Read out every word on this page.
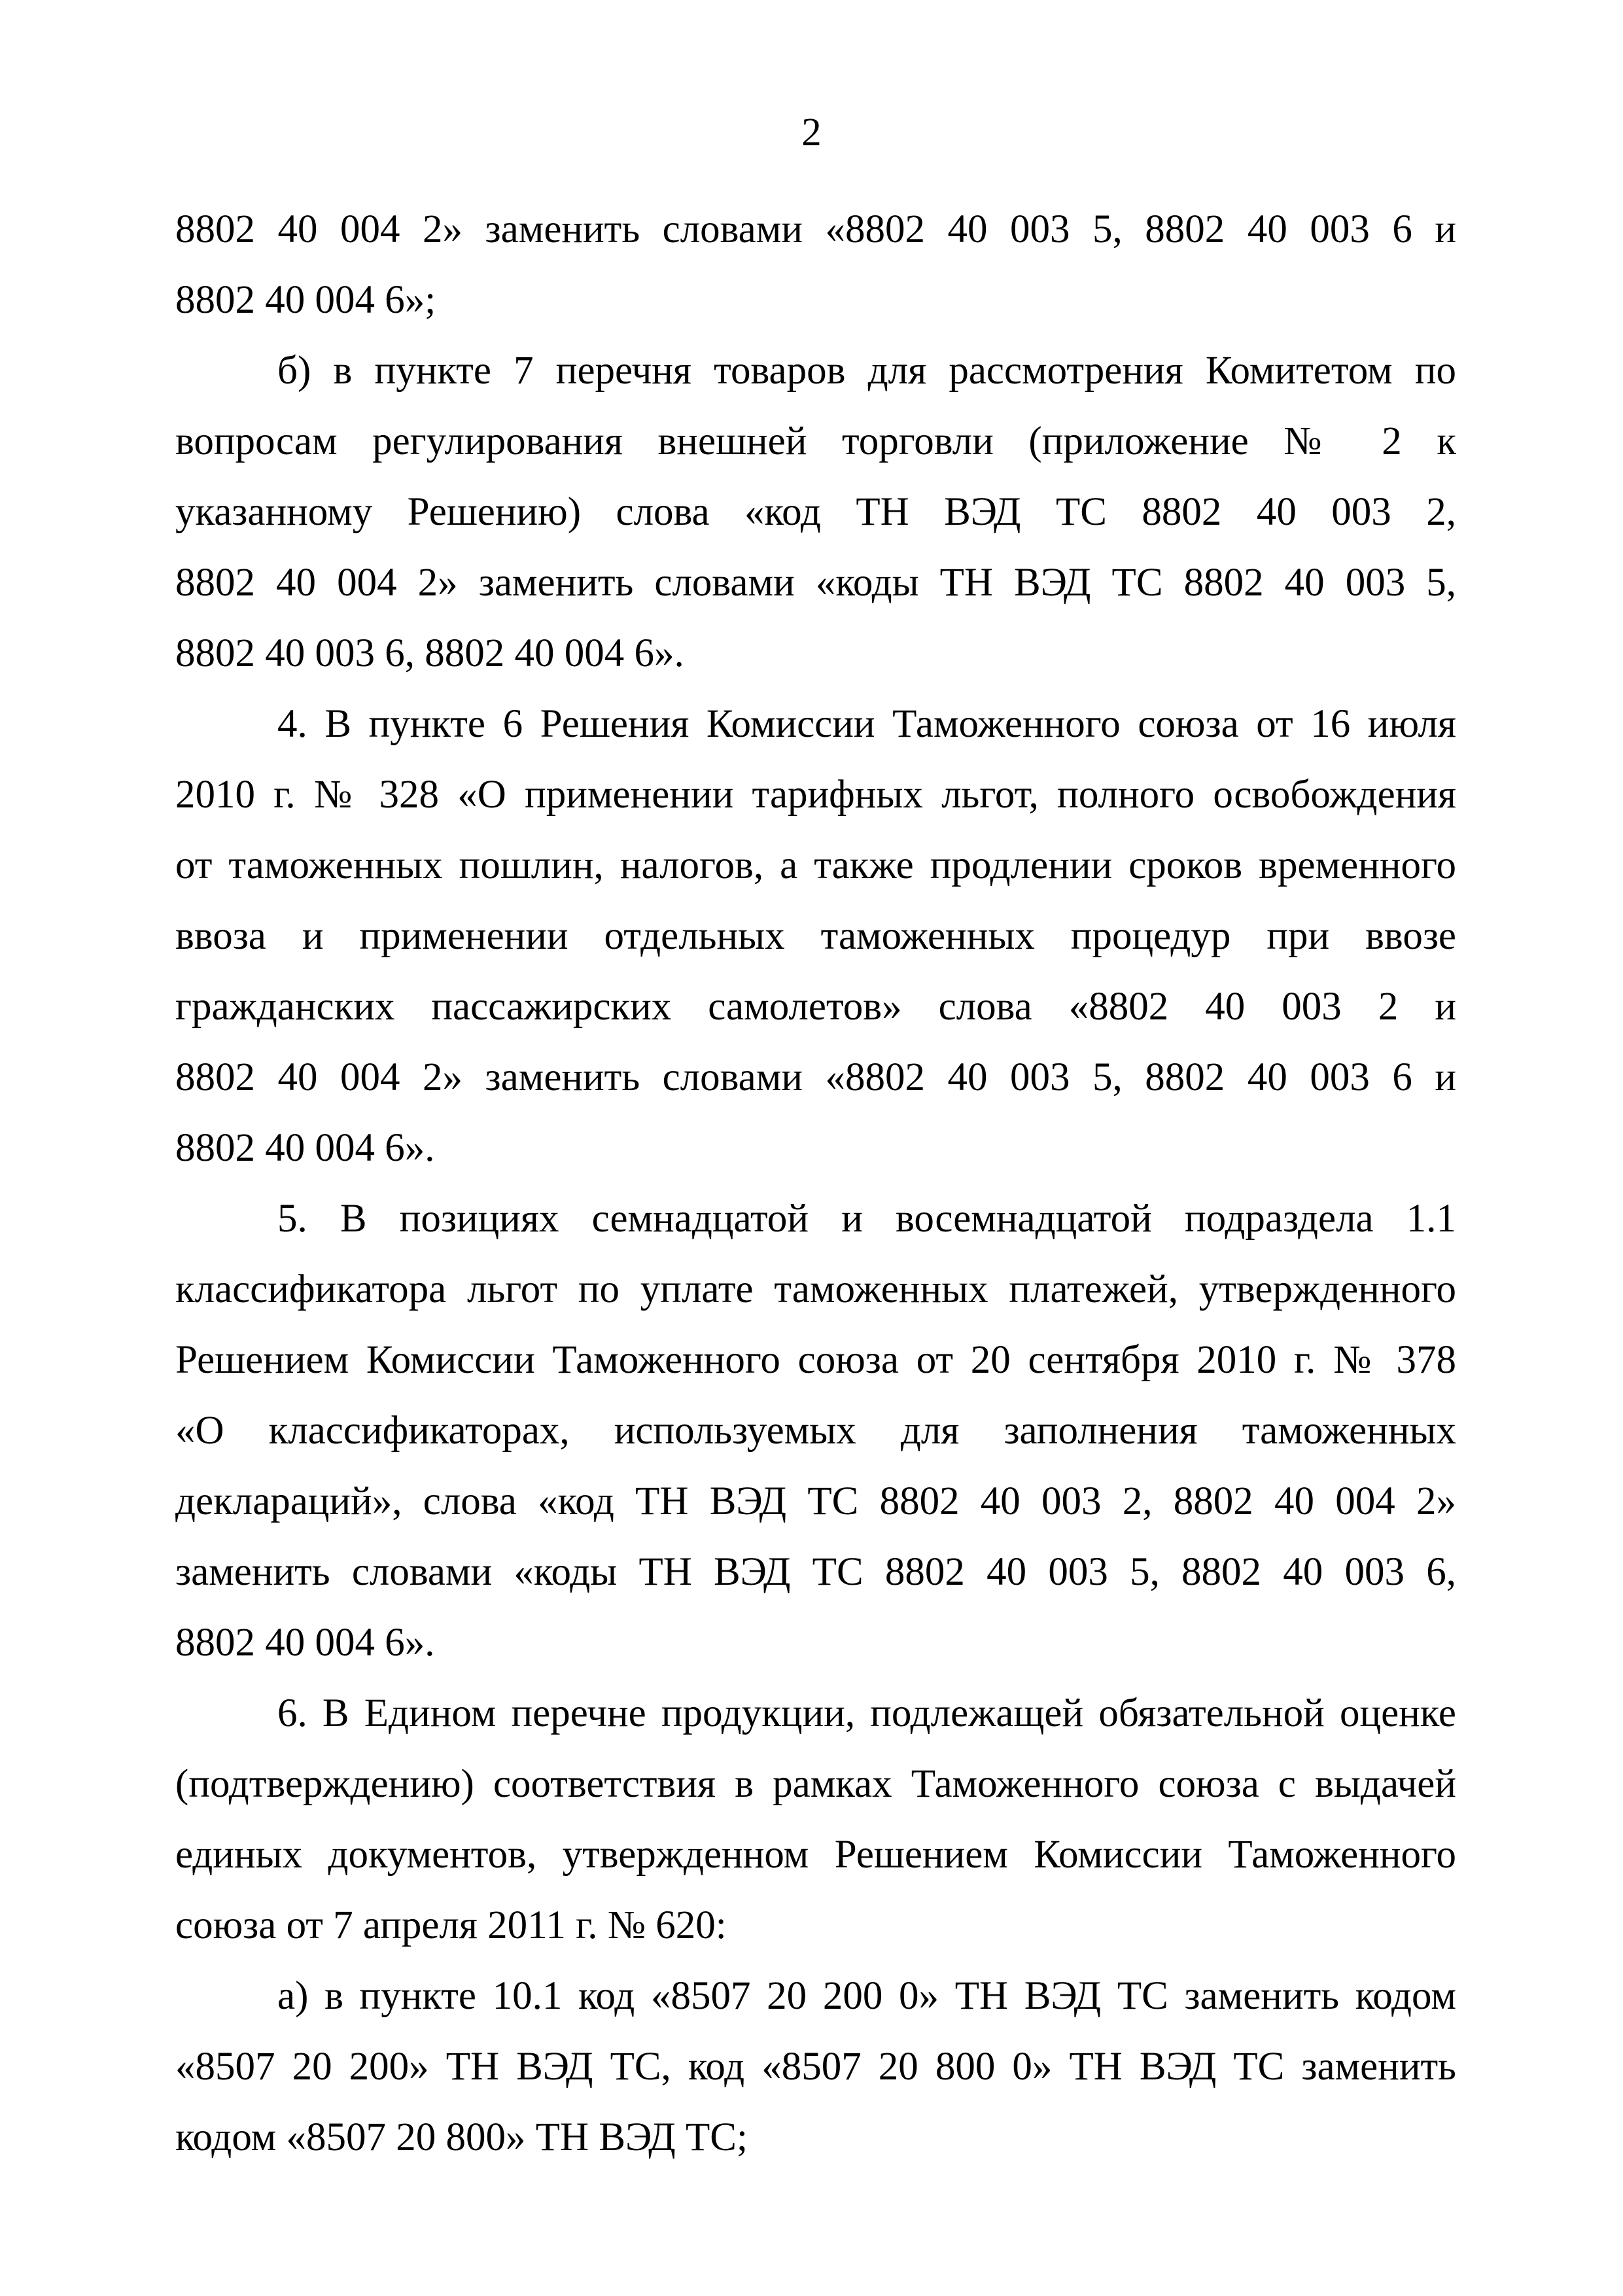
2
8802 40 004 2» заменить словами «8802 40 003 5, 8802 40 003 6 и
8802 40 004 6»;
б) в пункте 7 перечня товаров для рассмотрения Комитетом по
вопросам регулирования внешней торговли (приложение № 2 к
указанному Решению) слова «код ТН ВЭД ТС 8802 40 003 2,
8802 40 004 2» заменить словами «коды ТН ВЭД ТС 8802 40 003 5,
8802 40 003 6, 8802 40 004 6».
4. В пункте 6 Решения Комиссии Таможенного союза от 16 июля
2010 г. № 328 «О применении тарифных льгот, полного освобождения
от таможенных пошлин, налогов, а также продлении сроков временного
ввоза и применении отдельных таможенных процедур при ввозе
гражданских пассажирских самолетов» слова «8802 40 003 2 и
8802 40 004 2» заменить словами «8802 40 003 5, 8802 40 003 6 и
8802 40 004 6».
5. В позициях семнадцатой и восемнадцатой подраздела 1.1
классификатора льгот по уплате таможенных платежей, утвержденного
Решением Комиссии Таможенного союза от 20 сентября 2010 г. № 378
«О классификаторах, используемых для заполнения таможенных
деклараций», слова «код ТН ВЭД ТС 8802 40 003 2, 8802 40 004 2»
заменить словами «коды ТН ВЭД ТС 8802 40 003 5, 8802 40 003 6,
8802 40 004 6».
6. В Едином перечне продукции, подлежащей обязательной оценке
(подтверждению) соответствия в рамках Таможенного союза с выдачей
единых документов, утвержденном Решением Комиссии Таможенного
союза от 7 апреля 2011 г. № 620:
а) в пункте 10.1 код «8507 20 200 0» ТН ВЭД ТС заменить кодом
«8507 20 200» ТН ВЭД ТС, код «8507 20 800 0» ТН ВЭД ТС заменить
кодом «8507 20 800» ТН ВЭД ТС;
